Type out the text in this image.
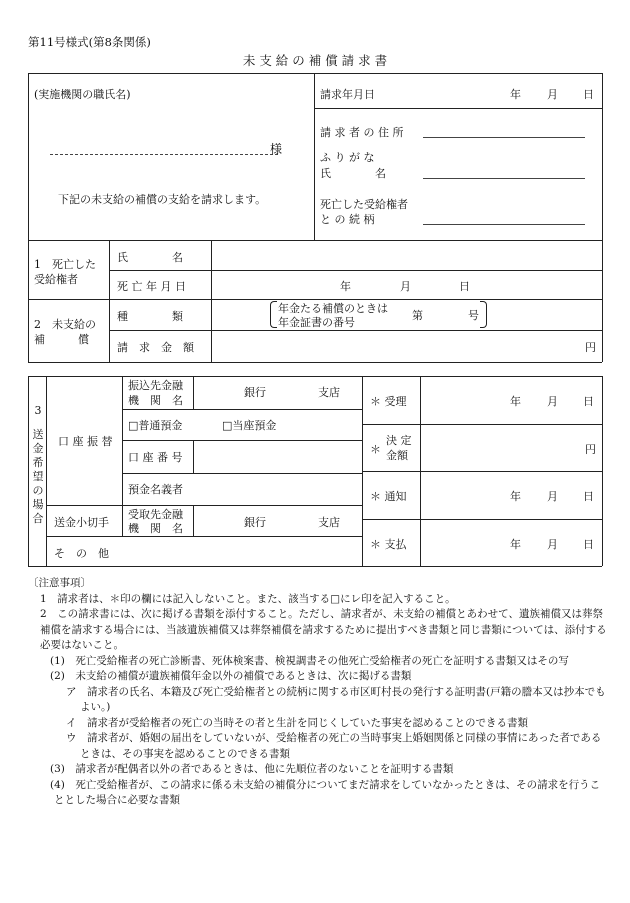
第11号様式(第8条関係)
未 支 給 の 補 償 請 求 書
(実施機関の職氏名)
様
下記の未支給の補償の支給を請求します。
請求年月日	年 月 日
請 求 者 の 住 所
ふ り が な
氏　　　　名
死亡した受給権者
と の 続 柄
1　死亡した
受給権者
氏　　　　名
死 亡 年 月 日	年	月	日
2　未支給の
補　　　償
種　　　　類
年金たる補償のときは
年金証書の番号
第	号
請　求　金　額	円
3
送
金
希
望
の
場
合
口 座 振 替
振込先金融
機　関　名
銀行	支店
□普通預金	□当座預金
口 座 番 号
預金名義者
送金小切手
受取先金融
機　関　名	銀行	支店
そ　の　他
＊ 受理	年 月 日
＊
決 定
金額	円
＊ 通知	年 月 日
＊ 支払	年 月 日
〔注意事項〕
1　請求者は、＊印の欄には記入しないこと。また、該当する□にレ印を記入すること。
2　この請求書には、次に掲げる書類を添付すること。ただし、請求者が、未支給の補償とあわせて、遺族補償又は葬祭補償を請求する場合には、当該遺族補償又は葬祭補償を請求するために提出すべき書類と同じ書類については、添付する必要はないこと。
(1)　死亡受給権者の死亡診断書、死体検案書、検視調書その他死亡受給権者の死亡を証明する書類又はその写
(2)　未支給の補償が遺族補償年金以外の補償であるときは、次に掲げる書類
ア　請求者の氏名、本籍及び死亡受給権者との続柄に関する市区町村長の発行する証明書(戸籍の謄本又は抄本でもよい。)
イ　請求者が受給権者の死亡の当時その者と生計を同じくしていた事実を認めることのできる書類
ウ　請求者が、婚姻の届出をしていないが、受給権者の死亡の当時事実上婚姻関係と同様の事情にあった者であるときは、その事実を認めることのできる書類
(3)　請求者が配偶者以外の者であるときは、他に先順位者のないことを証明する書類
(4)　死亡受給権者が、この請求に係る未支給の補償分についてまだ請求をしていなかったときは、その請求を行うこととした場合に必要な書類
